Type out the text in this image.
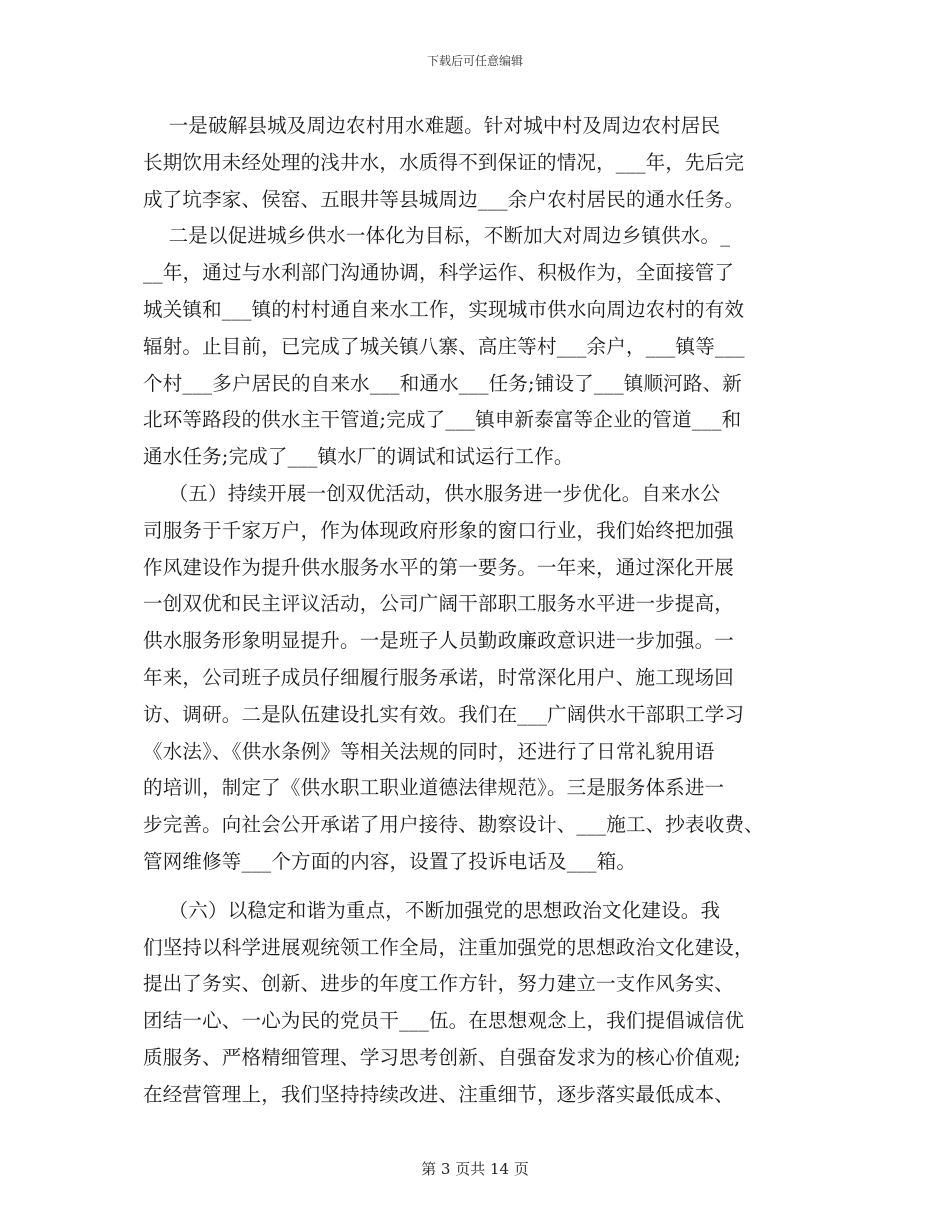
下载后可任意编辑
一是破解县城及周边农村用水难题。针对城中村及周边农村居民
长期饮用未经处理的浅井水，水质得不到保证的情况，___年，先后完
成了坑李家、侯窑、五眼井等县城周边___余户农村居民的通水任务。
二是以促进城乡供水一体化为目标，不断加大对周边乡镇供水。_
__年，通过与水利部门沟通协调，科学运作、积极作为，全面接管了
城关镇和___镇的村村通自来水工作，实现城市供水向周边农村的有效
辐射。止目前，已完成了城关镇八寨、高庄等村___余户，___镇等___
个村___多户居民的自来水___和通水___任务;铺设了___镇顺河路、新
北环等路段的供水主干管道;完成了___镇申新泰富等企业的管道___和
通水任务;完成了___镇水厂的调试和试运行工作。
（五）持续开展一创双优活动，供水服务进一步优化。自来水公
司服务于千家万户，作为体现政府形象的窗口行业，我们始终把加强
作风建设作为提升供水服务水平的第一要务。一年来，通过深化开展
一创双优和民主评议活动，公司广阔干部职工服务水平进一步提高，
供水服务形象明显提升。一是班子人员勤政廉政意识进一步加强。一
年来，公司班子成员仔细履行服务承诺，时常深化用户、施工现场回
访、调研。二是队伍建设扎实有效。我们在___广阔供水干部职工学习
《水法》、《供水条例》等相关法规的同时，还进行了日常礼貌用语
的培训，制定了《供水职工职业道德法律规范》。三是服务体系进一
步完善。向社会公开承诺了用户接待、勘察设计、___施工、抄表收费、
管网维修等___个方面的内容，设置了投诉电话及___箱。
（六）以稳定和谐为重点，不断加强党的思想政治文化建设。我
们坚持以科学进展观统领工作全局，注重加强党的思想政治文化建设，
提出了务实、创新、进步的年度工作方针，努力建立一支作风务实、
团结一心、一心为民的党员干___伍。在思想观念上，我们提倡诚信优
质服务、严格精细管理、学习思考创新、自强奋发求为的核心价值观;
在经营管理上，我们坚持持续改进、注重细节，逐步落实最低成本、
第 3 页共 14 页
